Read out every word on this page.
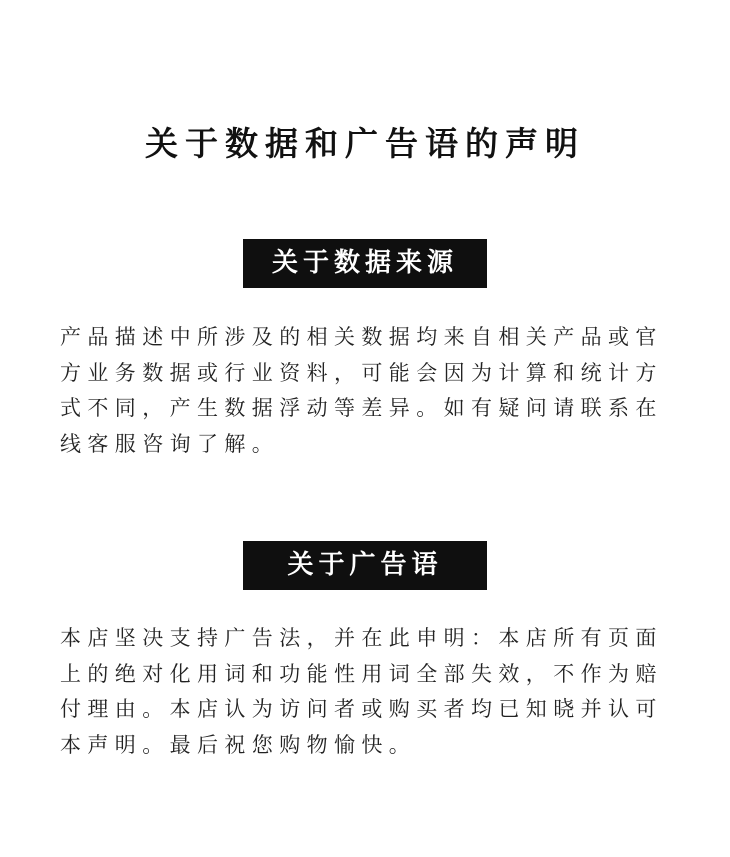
关于数据和广告语的声明
关于数据来源
产品描述中所涉及的相关数据均来自相关产品或官方业务数据或行业资料，可能会因为计算和统计方式不同，产生数据浮动等差异。如有疑问请联系在线客服咨询了解。
关于广告语
本店坚决支持广告法，并在此申明：本店所有页面上的绝对化用词和功能性用词全部失效，不作为赔付理由。本店认为访问者或购买者均已知晓并认可本声明。最后祝您购物愉快。
